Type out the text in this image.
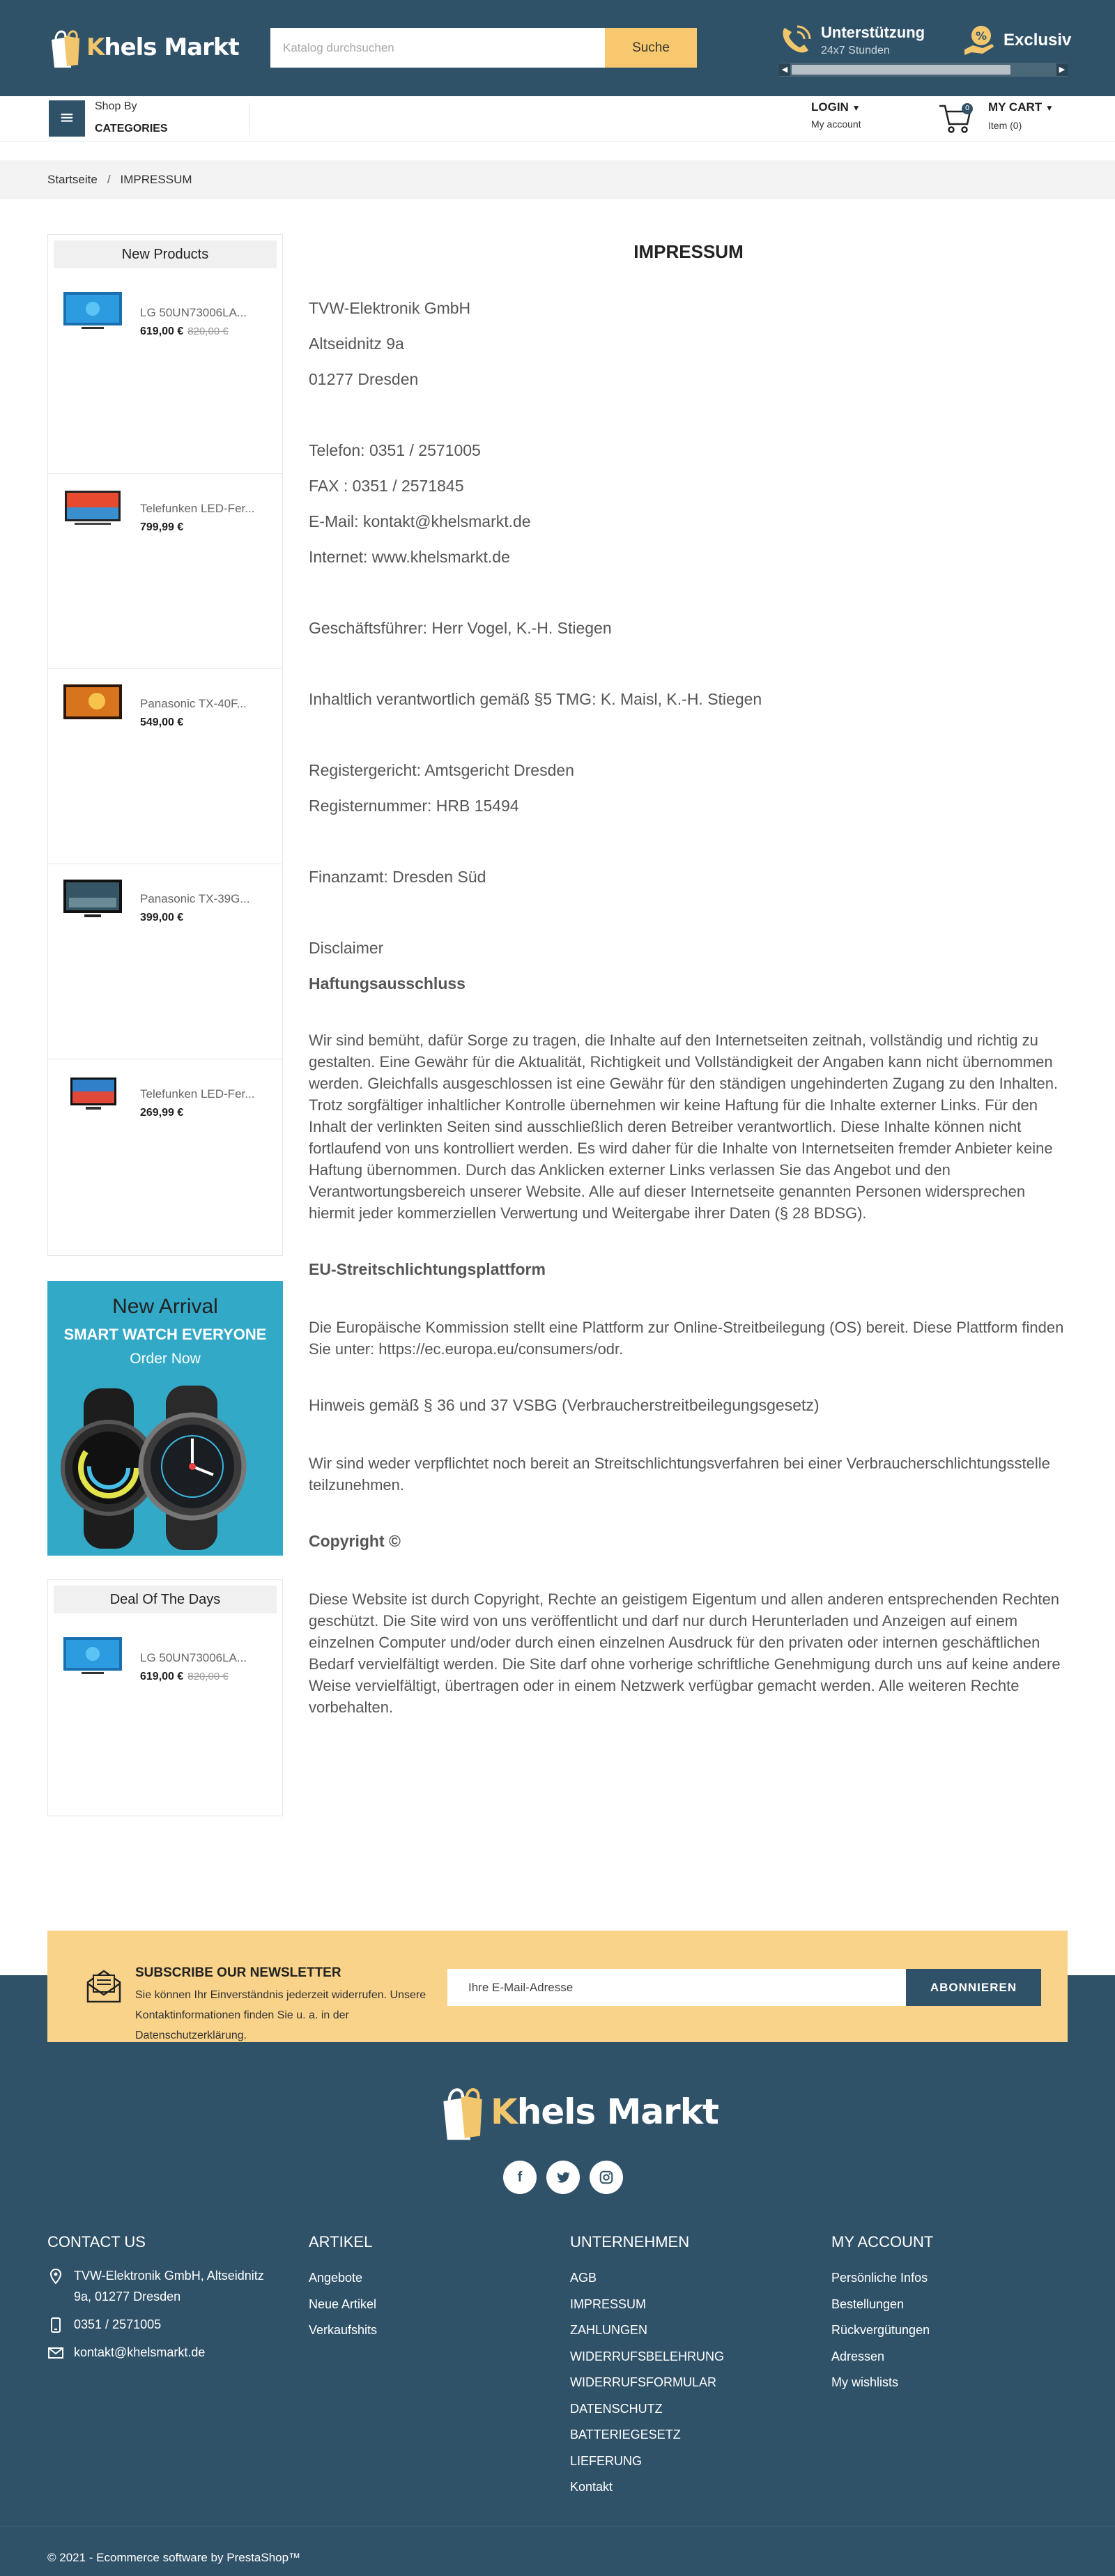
Khels Markt
Katalog durchsuchen	Suche
Unterstützung
24x7 Stunden
% Exclusiv
◀	▶
≡
Shop By
CATEGORIES
LOGIN ▼
My account
0 MY CART ▼
Item (0)
Startseite / IMPRESSUM
New Products
LG 50UN73006LA...
619,00 € 820,00 €
Telefunken LED-Fer...
799,99 €
Panasonic TX-40F...
549,00 €
Panasonic TX-39G...
399,00 €
Telefunken LED-Fer...
269,99 €
New Arrival
SMART WATCH EVERYONE
Order Now
Deal Of The Days
LG 50UN73006LA...
619,00 € 820,00 €
IMPRESSUM
TVW-Elektronik GmbH
Altseidnitz 9a
01277 Dresden
Telefon: 0351 / 2571005
FAX : 0351 / 2571845
E-Mail: kontakt@khelsmarkt.de
Internet: www.khelsmarkt.de
Geschäftsführer: Herr Vogel, K.-H. Stiegen
Inhaltlich verantwortlich gemäß §5 TMG: K. Maisl, K.-H. Stiegen
Registergericht: Amtsgericht Dresden
Registernummer: HRB 15494
Finanzamt: Dresden Süd
Disclaimer
Haftungsausschluss
Wir sind bemüht, dafür Sorge zu tragen, die Inhalte auf den Internetseiten zeitnah, vollständig und richtig zu gestalten. Eine Gewähr für die Aktualität, Richtigkeit und Vollständigkeit der Angaben kann nicht übernommen werden. Gleichfalls ausgeschlossen ist eine Gewähr für den ständigen ungehinderten Zugang zu den Inhalten. Trotz sorgfältiger inhaltlicher Kontrolle übernehmen wir keine Haftung für die Inhalte externer Links. Für den Inhalt der verlinkten Seiten sind ausschließlich deren Betreiber verantwortlich. Diese Inhalte können nicht fortlaufend von uns kontrolliert werden. Es wird daher für die Inhalte von Internetseiten fremder Anbieter keine Haftung übernommen. Durch das Anklicken externer Links verlassen Sie das Angebot und den Verantwortungsbereich unserer Website. Alle auf dieser Internetseite genannten Personen widersprechen hiermit jeder kommerziellen Verwertung und Weitergabe ihrer Daten (§ 28 BDSG).
EU-Streitschlichtungsplattform
Die Europäische Kommission stellt eine Plattform zur Online-Streitbeilegung (OS) bereit. Diese Plattform finden Sie unter: https://ec.europa.eu/consumers/odr.
Hinweis gemäß § 36 und 37 VSBG (Verbraucherstreitbeilegungsgesetz)
Wir sind weder verpflichtet noch bereit an Streitschlichtungsverfahren bei einer Verbraucherschlichtungsstelle teilzunehmen.
Copyright ©
Diese Website ist durch Copyright, Rechte an geistigem Eigentum und allen anderen entsprechenden Rechten geschützt. Die Site wird von uns veröffentlicht und darf nur durch Herunterladen und Anzeigen auf einem einzelnen Computer und/oder durch einen einzelnen Ausdruck für den privaten oder internen geschäftlichen Bedarf vervielfältigt werden. Die Site darf ohne vorherige schriftliche Genehmigung durch uns auf keine andere Weise vervielfältigt, übertragen oder in einem Netzwerk verfügbar gemacht werden. Alle weiteren Rechte vorbehalten.
SUBSCRIBE OUR NEWSLETTER
Sie können Ihr Einverständnis jederzeit widerrufen. Unsere Kontaktinformationen finden Sie u. a. in der Datenschutzerklärung.
Ihre E-Mail-Adresse
ABONNIEREN
Khels Markt
f
CONTACT US
TVW-Elektronik GmbH, Altseidnitz 9a, 01277 Dresden
0351 / 2571005
kontakt@khelsmarkt.de
ARTIKEL
Angebote
Neue Artikel
Verkaufshits
UNTERNEHMEN
AGB
IMPRESSUM
ZAHLUNGEN
WIDERRUFSBELEHRUNG
WIDERRUFSFORMULAR
DATENSCHUTZ
BATTERIEGESETZ
LIEFERUNG
Kontakt
MY ACCOUNT
Persönliche Infos
Bestellungen
Rückvergütungen
Adressen
My wishlists
© 2021 - Ecommerce software by PrestaShop™
